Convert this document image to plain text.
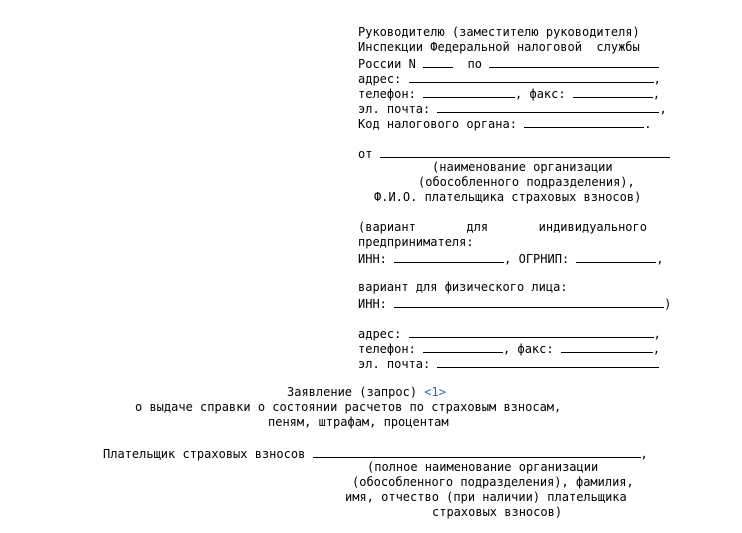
Руководителю (заместителю руководителя)
Инспекции Федеральной налоговой  службы
России N	по
адрес:	,
телефон:	, факс:	,
эл. почта:	,
Код налогового органа:	.
от
(наименование организации
(обособленного подразделения),
Ф.И.О. плательщика страховых взносов)
(вариант       для       индивидуального
предпринимателя:
ИНН:	, ОГРНИП:	,
вариант для физического лица:
ИНН:	)
адрес:	,
телефон:	, факс:	,
эл. почта:
Заявление (запрос) <1>
о выдаче справки о состоянии расчетов по страховым взносам,
пеням, штрафам, процентам
Плательщик страховых взносов	,
(полное наименование организации
(обособленного подразделения), фамилия,
имя, отчество (при наличии) плательщика
страховых взносов)
